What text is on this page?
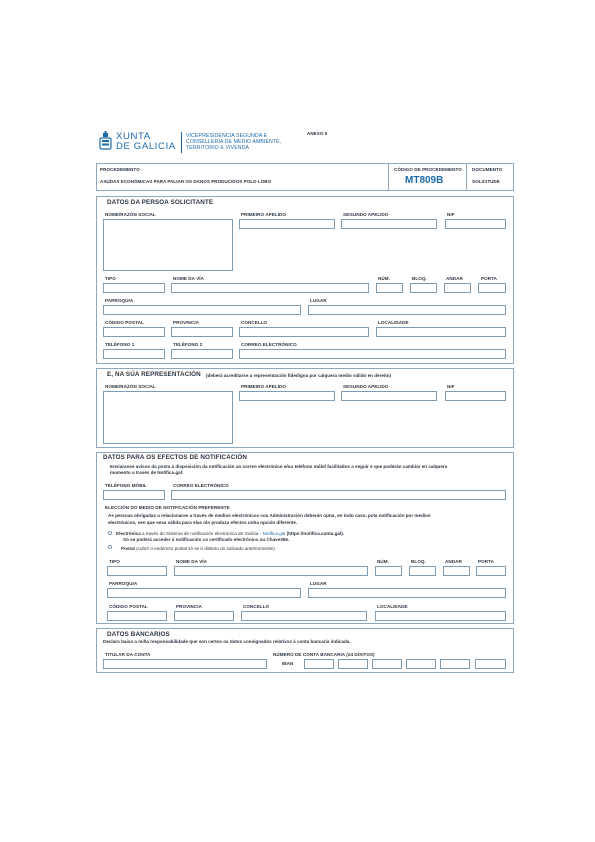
XUNTA
DE GALICIA
VICEPRESIDENCIA SEGUNDA E
CONSELLERÍA DE MEDIO AMBIENTE,
TERRITORIO E VIVENDA
ANEXO II
PROCEDEMENTO
AXUDAS ECONÓMICAS PARA PALIAR OS DANOS PRODUCIDOS POLO LOBO
CÓDIGO DE PROCEDEMENTO
MT809B
DOCUMENTO
SOLICITUDE
DATOS DA PERSOA SOLICITANTE
NOME/RAZÓN SOCIAL	PRIMEIRO APELIDO	SEGUNDO APELIDO	NIF
TIPO	NOME DA VÍA	NÚM.	BLOQ.	ANDAR	PORTA
PARROQUIA	LUGAR
CÓDIGO POSTAL	PROVINCIA	CONCELLO	LOCALIDADE
TELÉFONO 1	TELÉFONO 2	CORREO ELECTRÓNICO
E, NA SÚA REPRESENTACIÓN (deberá acreditarse a representación fidedigna por calquera medio válido en dereito)
NOME/RAZÓN SOCIAL	PRIMEIRO APELIDO	SEGUNDO APELIDO	NIF
DATOS PARA OS EFECTOS DE NOTIFICACIÓN
Enviaranse avisos da posta á disposición da notificación ao correo electrónico e/ou teléfono móbil facilitados a seguir e que poderán cambiar en calquera
momento a través de Notifica.gal:
TELÉFONO MÓBIL	CORREO ELECTRÓNICO
ELECCIÓN DO MEDIO DE NOTIFICACIÓN PREFERENTE
As persoas obrigadas a relacionarse a través de medios electrónicos coa Administración deberán optar, en todo caso, pola notificación por medios
electrónicos, sen que sexa válida para elas nin produza efectos unha opción diferente.
Electrónica a través do Sistema de notificación electrónica de Galicia - Notifica.gal (https://notifica.xunta.gal).
Só se poderá acceder á notificación co certificado electrónico ou Chave365.
Postal (cubrir o enderezo postal só se é distinto do indicado anteriormente).
TIPO	NOME DA VÍA	NÚM.	BLOQ.	ANDAR	PORTA
PARROQUIA	LUGAR
CÓDIGO POSTAL	PROVINCIA	CONCELLO	LOCALIDADE
DATOS BANCARIOS
Declaro baixo a miña responsabilidade que son certos os datos consignados relativos á conta bancaria indicada.
TITULAR DA CONTA	NÚMERO DE CONTA BANCARIA (24 DÍXITOS)
IBAN
